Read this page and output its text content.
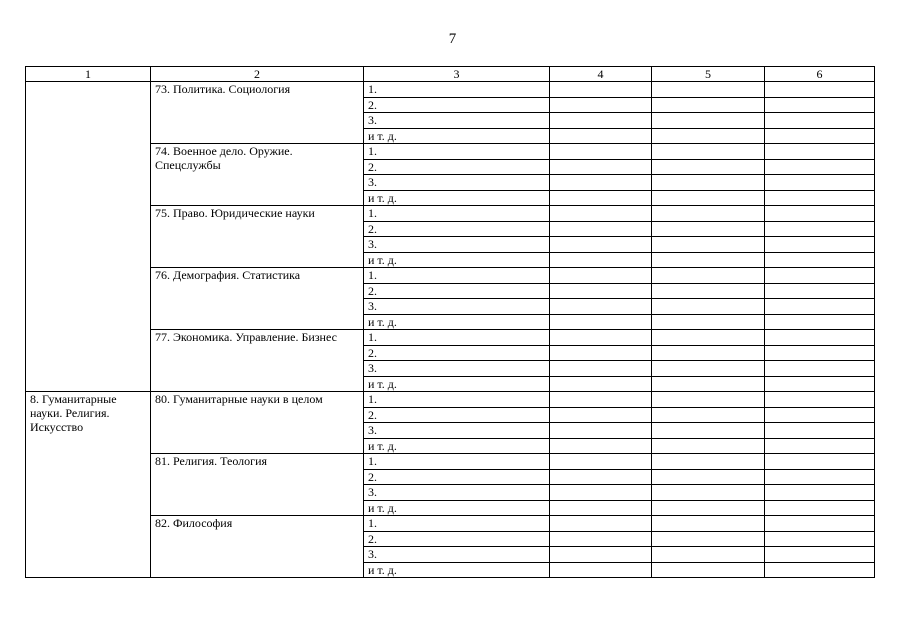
7
1	2	3	4	5	6
	73. Политика. Социология	1.			
		2.			
		3.			
		и т. д.			
	74. Военное дело. Оружие. Спецслужбы	1.			
		2.			
		3.			
		и т. д.			
	75. Право. Юридические науки	1.			
		2.			
		3.			
		и т. д.			
	76. Демография. Статистика	1.			
		2.			
		3.			
		и т. д.			
	77. Экономика. Управление. Бизнес	1.			
		2.			
		3.			
		и т. д.			
8. Гуманитарные науки. Религия. Искусство	80. Гуманитарные науки в целом	1.			
		2.			
		3.			
		и т. д.			
	81. Религия. Теология	1.			
		2.			
		3.			
		и т. д.			
	82. Философия	1.			
		2.			
		3.			
		и т. д.			
